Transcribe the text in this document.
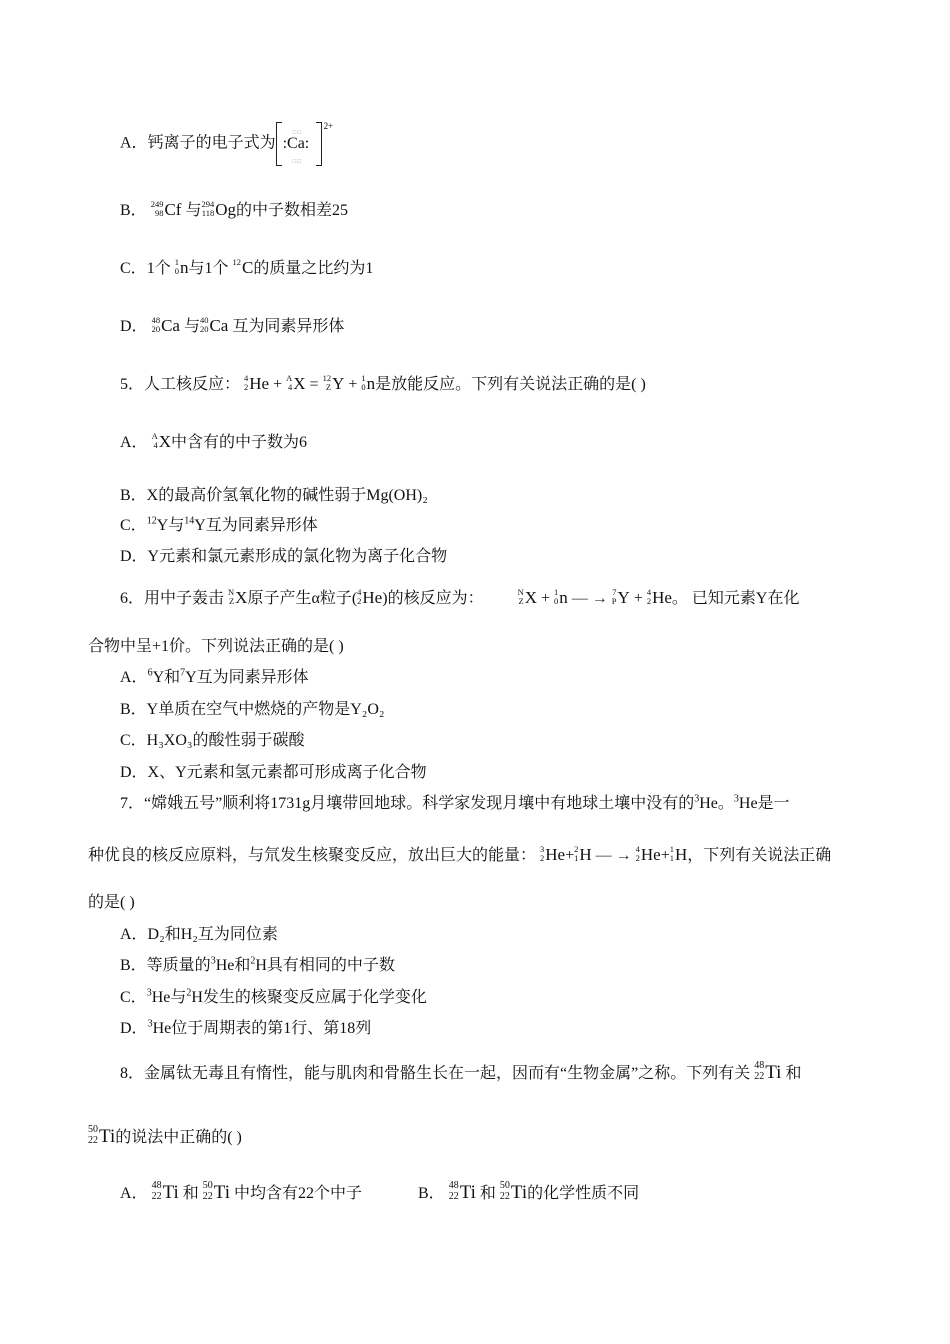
A．钙离子的电子式为
□□
:Ca:
□□
2+
B． 249
98 Cf 与 294
118 Og的中子数相差25
C．1个 1
0 n与1个 12
C的质量之比约为1
D． 48
20 Ca 与 40
20 Ca 互为同素异形体
5．人工核反应： 4
2 He + A
4 X = 12
Z Y + 1
0 n是放能反应。下列有关说法正确的是( )
A． A
4 X中含有的中子数为6
B．X的最高价氢氧化物的碱性弱于Mg(OH)₂
C．$^{12}$Y与$^{14}$Y互为同素异形体
D．Y元素和氯元素形成的氯化物为离子化合物
6．用中子轰击 N
Z X原子产生α粒子( 4
2 He)的核反应为：	N
Z X + 1
0 n — → 7
P Y + 4
2 He。 已知元素Y在化
合物中呈+1价。下列说法正确的是( )
A．$^6$Y和$^7$Y互为同素异形体
B．Y单质在空气中燃烧的产物是Y₂O₂
C．H₃XO₃的酸性弱于碳酸
D．X、Y元素和氢元素都可形成离子化合物
7．“嫦娥五号”顺利将1731g月壤带回地球。科学家发现月壤中有地球土壤中没有的$^3$He。$^3$He是一
种优良的核反应原料，与氘发生核聚变反应，放出巨大的能量： 3
2 He+ 2
1 H — → 4
2 He+ 1
1 H，下列有关说法正确
的是( )
A．D₂和H₂互为同位素
B．等质量的$^3$He和$^2$H具有相同的中子数
C．$^3$He与$^2$H发生的核聚变反应属于化学变化
D．$^3$He位于周期表的第1行、第18列
8．金属钛无毒且有惰性，能与肌肉和骨骼生长在一起，因而有“生物金属”之称。下列有关 48
22 Ti 和
50
22 Ti的说法中正确的( )
A． 48
22 Ti 和 50
22 Ti 中均含有22个中子	B． 48
22 Ti 和 50
22 Ti的化学性质不同
